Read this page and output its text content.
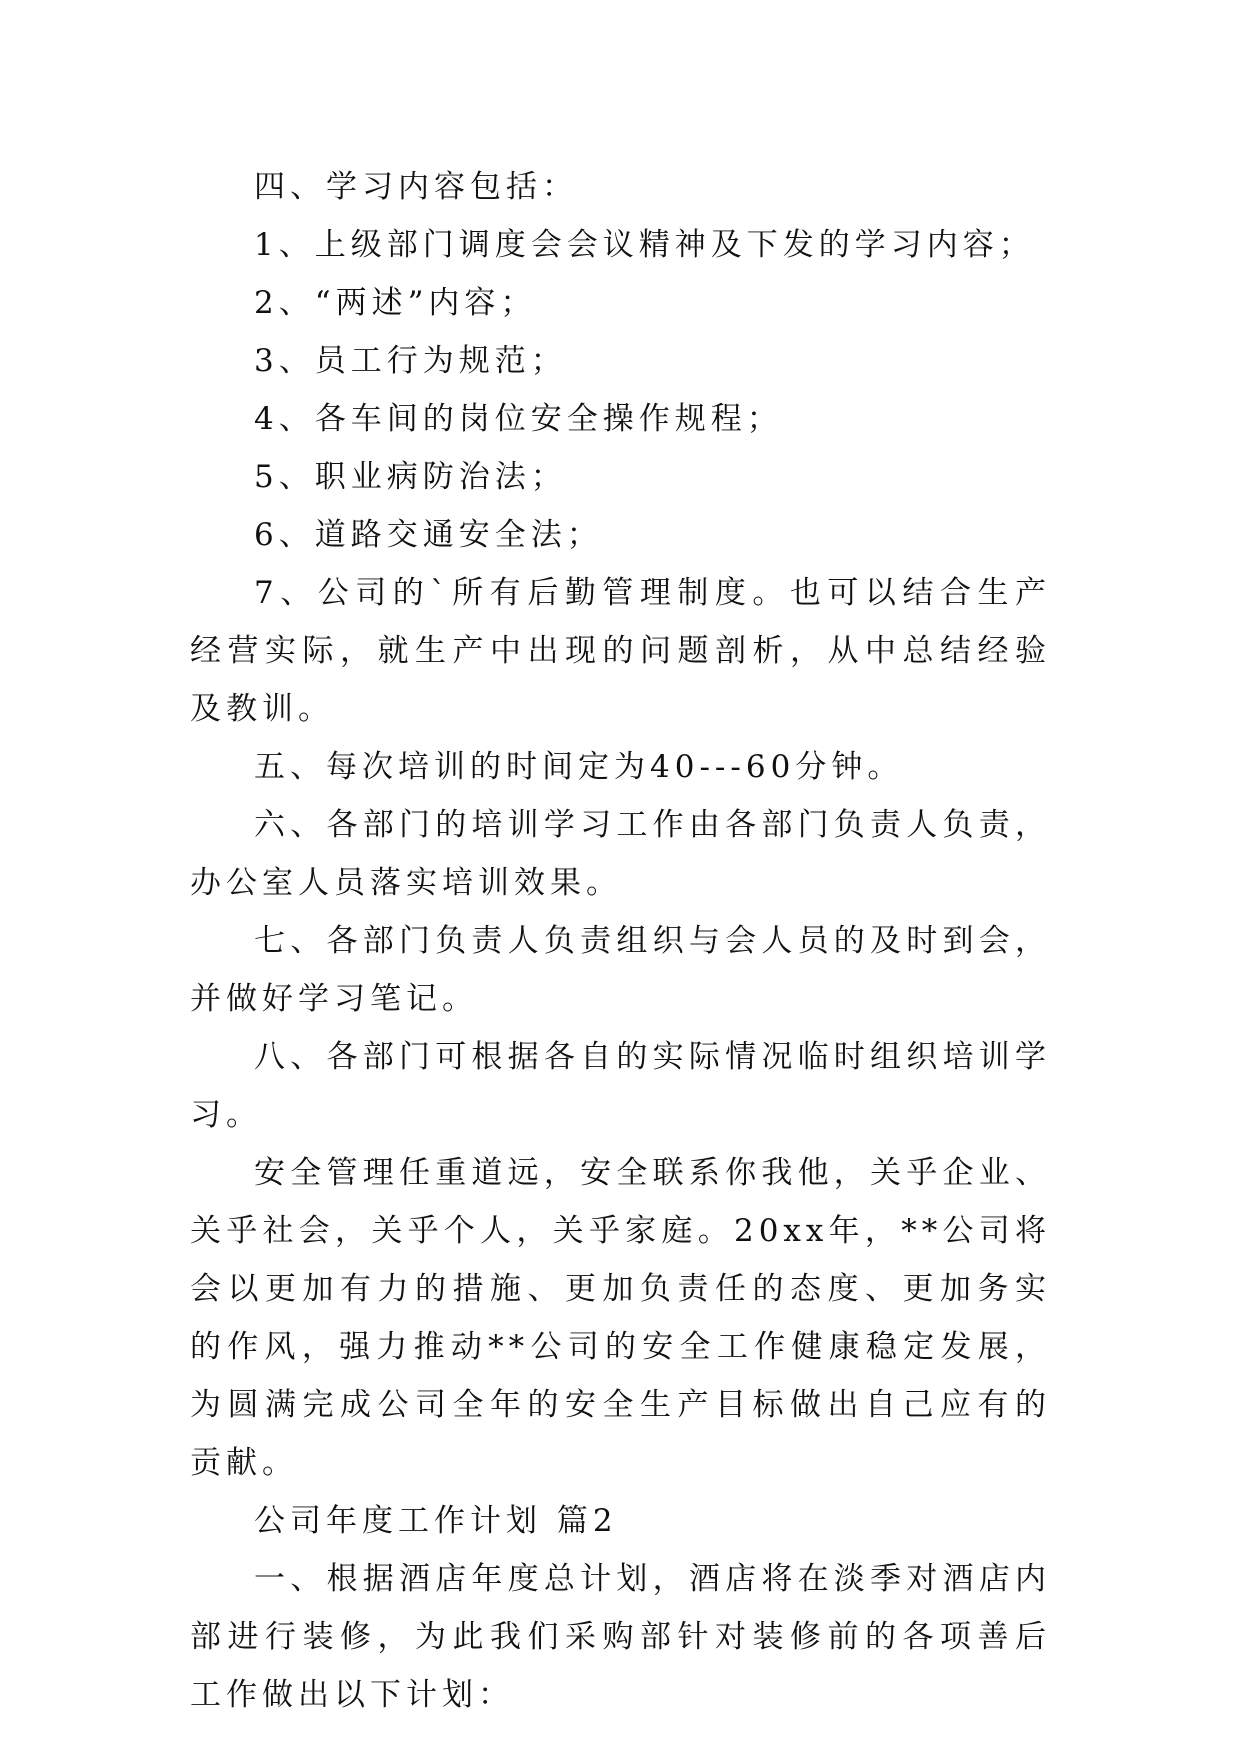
四、学习内容包括：

1、上级部门调度会会议精神及下发的学习内容；

2、“两述”内容；

3、员工行为规范；

4、各车间的岗位安全操作规程；

5、职业病防治法；

6、道路交通安全法；

7、公司的`所有后勤管理制度。也可以结合生产经营实际，就生产中出现的问题剖析，从中总结经验及教训。

五、每次培训的时间定为40---60分钟。

六、各部门的培训学习工作由各部门负责人负责，办公室人员落实培训效果。

七、各部门负责人负责组织与会人员的及时到会，并做好学习笔记。

八、各部门可根据各自的实际情况临时组织培训学习。

安全管理任重道远，安全联系你我他，关乎企业、关乎社会，关乎个人，关乎家庭。20xx年，**公司将会以更加有力的措施、更加负责任的态度、更加务实的作风，强力推动**公司的安全工作健康稳定发展，为圆满完成公司全年的安全生产目标做出自己应有的贡献。

公司年度工作计划 篇2

一、根据酒店年度总计划，酒店将在淡季对酒店内部进行装修，为此我们采购部针对装修前的各项善后工作做出以下计划：
